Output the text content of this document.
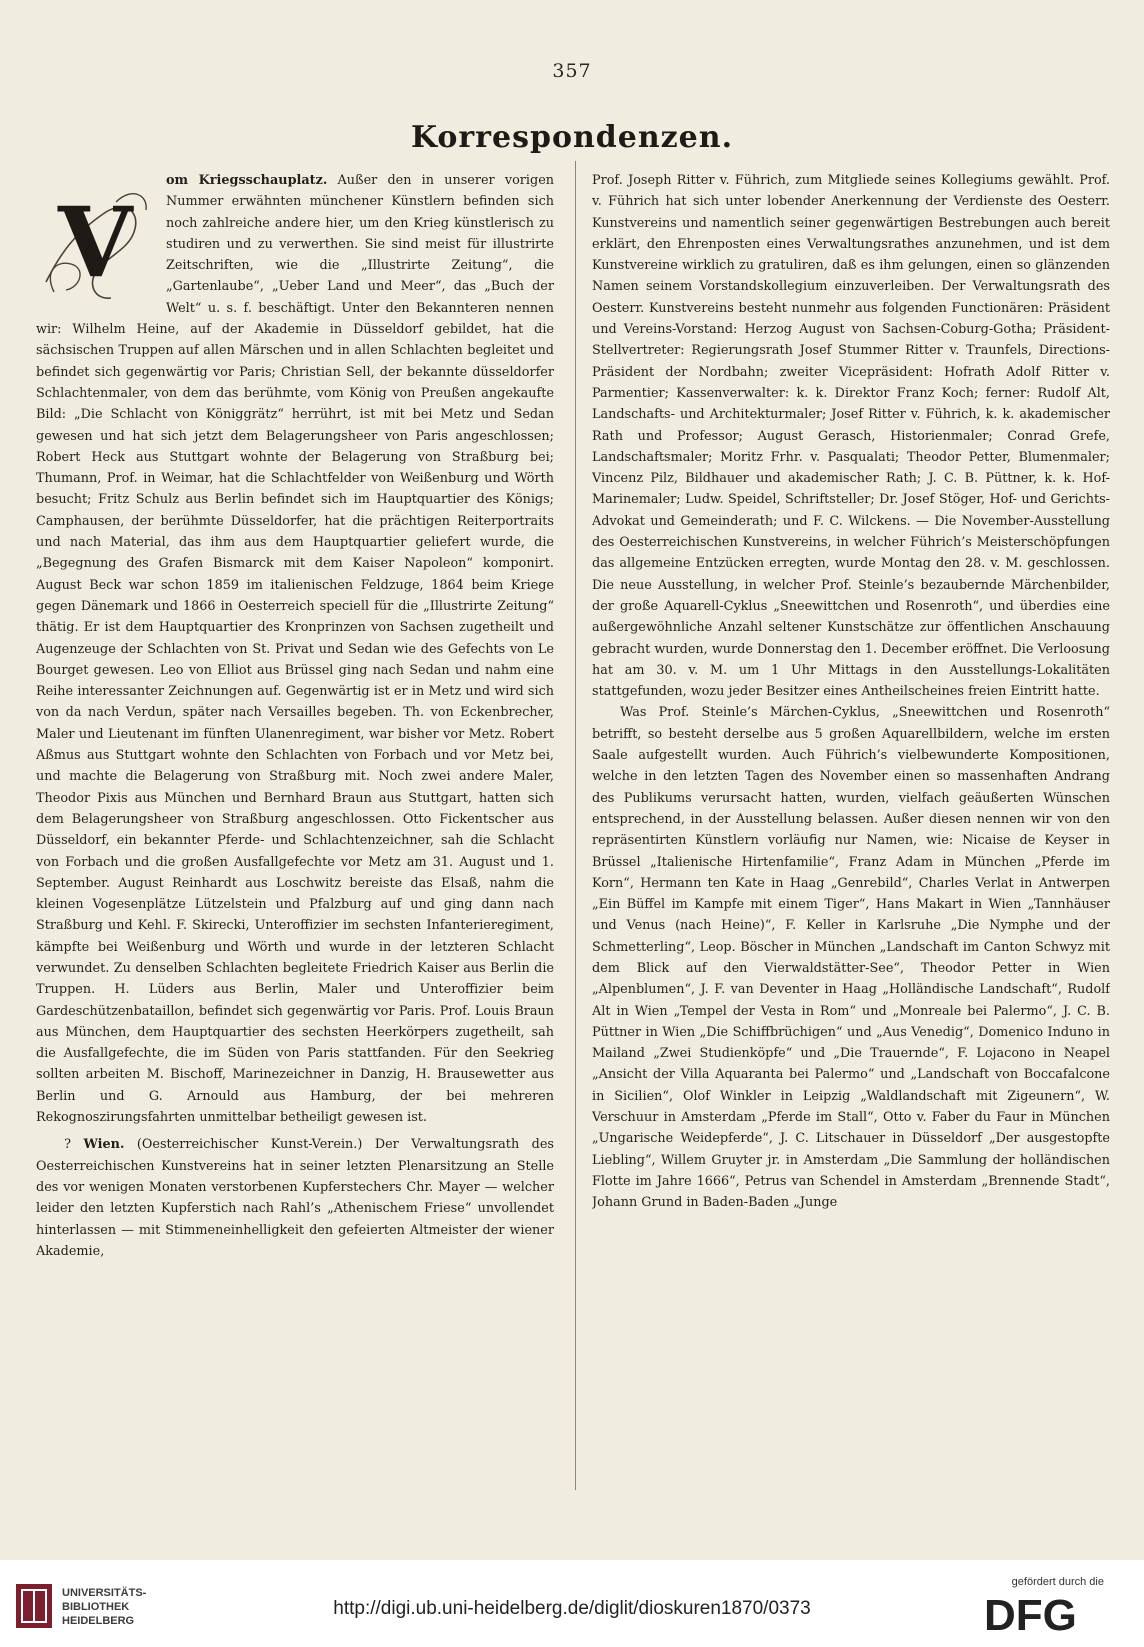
357
Korrespondenzen.
V

om Kriegsschauplatz. Außer den in unserer vorigen Nummer erwähnten münchener Künstlern befinden sich noch zahlreiche andere hier, um den Krieg künstlerisch zu studiren und zu verwerthen. Sie sind meist für illustrirte Zeitschriften, wie die „Illustrirte Zeitung“, die „Gartenlaube“, „Ueber Land und Meer“, das „Buch der Welt“ u. s. f. beschäftigt. Unter den Bekannteren nennen wir: Wilhelm Heine, auf der Akademie in Düsseldorf gebildet, hat die sächsischen Truppen auf allen Märschen und in allen Schlachten begleitet und befindet sich gegenwärtig vor Paris; Christian Sell, der bekannte düsseldorfer Schlachtenmaler, von dem das berühmte, vom König von Preußen angekaufte Bild: „Die Schlacht von Königgrätz“ herrührt, ist mit bei Metz und Sedan gewesen und hat sich jetzt dem Belagerungsheer von Paris angeschlossen; Robert Heck aus Stuttgart wohnte der Belagerung von Straßburg bei; Thumann, Prof. in Weimar, hat die Schlachtfelder von Weißenburg und Wörth besucht; Fritz Schulz aus Berlin befindet sich im Hauptquartier des Königs; Camphausen, der berühmte Düsseldorfer, hat die prächtigen Reiterportraits und nach Material, das ihm aus dem Hauptquartier geliefert wurde, die „Begegnung des Grafen Bismarck mit dem Kaiser Napoleon“ komponirt. August Beck war schon 1859 im italienischen Feldzuge, 1864 beim Kriege gegen Dänemark und 1866 in Oesterreich speciell für die „Illustrirte Zeitung“ thätig. Er ist dem Hauptquartier des Kronprinzen von Sachsen zugetheilt und Augenzeuge der Schlachten von St. Privat und Sedan wie des Gefechts von Le Bourget gewesen. Leo von Elliot aus Brüssel ging nach Sedan und nahm eine Reihe interessanter Zeichnungen auf. Gegenwärtig ist er in Metz und wird sich von da nach Verdun, später nach Versailles begeben. Th. von Eckenbrecher, Maler und Lieutenant im fünften Ulanenregiment, war bisher vor Metz. Robert Aßmus aus Stuttgart wohnte den Schlachten von Forbach und vor Metz bei, und machte die Belagerung von Straßburg mit. Noch zwei andere Maler, Theodor Pixis aus München und Bernhard Braun aus Stuttgart, hatten sich dem Belagerungsheer von Straßburg angeschlossen. Otto Fickentscher aus Düsseldorf, ein bekannter Pferde- und Schlachtenzeichner, sah die Schlacht von Forbach und die großen Ausfallgefechte vor Metz am 31. August und 1. September. August Reinhardt aus Loschwitz bereiste das Elsaß, nahm die kleinen Vogesenplätze Lützelstein und Pfalzburg auf und ging dann nach Straßburg und Kehl. F. Skirecki, Unteroffizier im sechsten Infanterieregiment, kämpfte bei Weißenburg und Wörth und wurde in der letzteren Schlacht verwundet. Zu denselben Schlachten begleitete Friedrich Kaiser aus Berlin die Truppen. H. Lüders aus Berlin, Maler und Unteroffizier beim Gardeschützenbataillon, befindet sich gegenwärtig vor Paris. Prof. Louis Braun aus München, dem Hauptquartier des sechsten Heerkörpers zugetheilt, sah die Ausfallgefechte, die im Süden von Paris stattfanden. Für den Seekrieg sollten arbeiten M. Bischoff, Marinezeichner in Danzig, H. Brausewetter aus Berlin und G. Arnould aus Hamburg, der bei mehreren Rekognoszirungsfahrten unmittelbar betheiligt gewesen ist.

? Wien. (Oesterreichischer Kunst-Verein.) Der Verwaltungsrath des Oesterreichischen Kunstvereins hat in seiner letzten Plenarsitzung an Stelle des vor wenigen Monaten verstorbenen Kupferstechers Chr. Mayer — welcher leider den letzten Kupferstich nach Rahl’s „Athenischem Friese“ unvollendet hinterlassen — mit Stimmeneinhelligkeit den gefeierten Altmeister der wiener Akademie,

Prof. Joseph Ritter v. Führich, zum Mitgliede seines Kollegiums gewählt. Prof. v. Führich hat sich unter lobender Anerkennung der Verdienste des Oesterr. Kunstvereins und namentlich seiner gegenwärtigen Bestrebungen auch bereit erklärt, den Ehrenposten eines Verwaltungsrathes anzunehmen, und ist dem Kunstvereine wirklich zu gratuliren, daß es ihm gelungen, einen so glänzenden Namen seinem Vorstandskollegium einzuverleiben. Der Verwaltungsrath des Oesterr. Kunstvereins besteht nunmehr aus folgenden Functionären: Präsident und Vereins-Vorstand: Herzog August von Sachsen-Coburg-Gotha; Präsident-Stellvertreter: Regierungsrath Josef Stummer Ritter v. Traunfels, Directions-Präsident der Nordbahn; zweiter Vicepräsident: Hofrath Adolf Ritter v. Parmentier; Kassenverwalter: k. k. Direktor Franz Koch; ferner: Rudolf Alt, Landschafts- und Architekturmaler; Josef Ritter v. Führich, k. k. akademischer Rath und Professor; August Gerasch, Historienmaler; Conrad Grefe, Landschaftsmaler; Moritz Frhr. v. Pasqualati; Theodor Petter, Blumenmaler; Vincenz Pilz, Bildhauer und akademischer Rath; J. C. B. Püttner, k. k. Hof-Marinemaler; Ludw. Speidel, Schriftsteller; Dr. Josef Stöger, Hof- und Gerichts-Advokat und Gemeinderath; und F. C. Wilckens. — Die November-Ausstellung des Oesterreichischen Kunstvereins, in welcher Führich’s Meisterschöpfungen das allgemeine Entzücken erregten, wurde Montag den 28. v. M. geschlossen. Die neue Ausstellung, in welcher Prof. Steinle’s bezaubernde Märchenbilder, der große Aquarell-Cyklus „Sneewittchen und Rosenroth“, und überdies eine außergewöhnliche Anzahl seltener Kunstschätze zur öffentlichen Anschauung gebracht wurden, wurde Donnerstag den 1. December eröffnet. Die Verloosung hat am 30. v. M. um 1 Uhr Mittags in den Ausstellungs-Lokalitäten stattgefunden, wozu jeder Besitzer eines Antheilscheines freien Eintritt hatte.

Was Prof. Steinle’s Märchen-Cyklus, „Sneewittchen und Rosenroth“ betrifft, so besteht derselbe aus 5 großen Aquarellbildern, welche im ersten Saale aufgestellt wurden. Auch Führich’s vielbewunderte Kompositionen, welche in den letzten Tagen des November einen so massenhaften Andrang des Publikums verursacht hatten, wurden, vielfach geäußerten Wünschen entsprechend, in der Ausstellung belassen. Außer diesen nennen wir von den repräsentirten Künstlern vorläufig nur Namen, wie: Nicaise de Keyser in Brüssel „Italienische Hirtenfamilie“, Franz Adam in München „Pferde im Korn“, Hermann ten Kate in Haag „Genrebild“, Charles Verlat in Antwerpen „Ein Büffel im Kampfe mit einem Tiger“, Hans Makart in Wien „Tannhäuser und Venus (nach Heine)“, F. Keller in Karlsruhe „Die Nymphe und der Schmetterling“, Leop. Böscher in München „Landschaft im Canton Schwyz mit dem Blick auf den Vierwaldstätter-See“, Theodor Petter in Wien „Alpenblumen“, J. F. van Deventer in Haag „Holländische Landschaft“, Rudolf Alt in Wien „Tempel der Vesta in Rom“ und „Monreale bei Palermo“, J. C. B. Püttner in Wien „Die Schiffbrüchigen“ und „Aus Venedig“, Domenico Induno in Mailand „Zwei Studienköpfe“ und „Die Trauernde“, F. Lojacono in Neapel „Ansicht der Villa Aquaranta bei Palermo“ und „Landschaft von Boccafalcone in Sicilien“, Olof Winkler in Leipzig „Waldlandschaft mit Zigeunern“, W. Verschuur in Amsterdam „Pferde im Stall“, Otto v. Faber du Faur in München „Ungarische Weidepferde“, J. C. Litschauer in Düsseldorf „Der ausgestopfte Liebling“, Willem Gruyter jr. in Amsterdam „Die Sammlung der holländischen Flotte im Jahre 1666“, Petrus van Schendel in Amsterdam „Brennende Stadt“, Johann Grund in Baden-Baden „Junge

UNIVERSITÄTS-
BIBLIOTHEK
HEIDELBERG
http://digi.ub.uni-heidelberg.de/diglit/dioskuren1870/0373
gefördert durch die
DFG
